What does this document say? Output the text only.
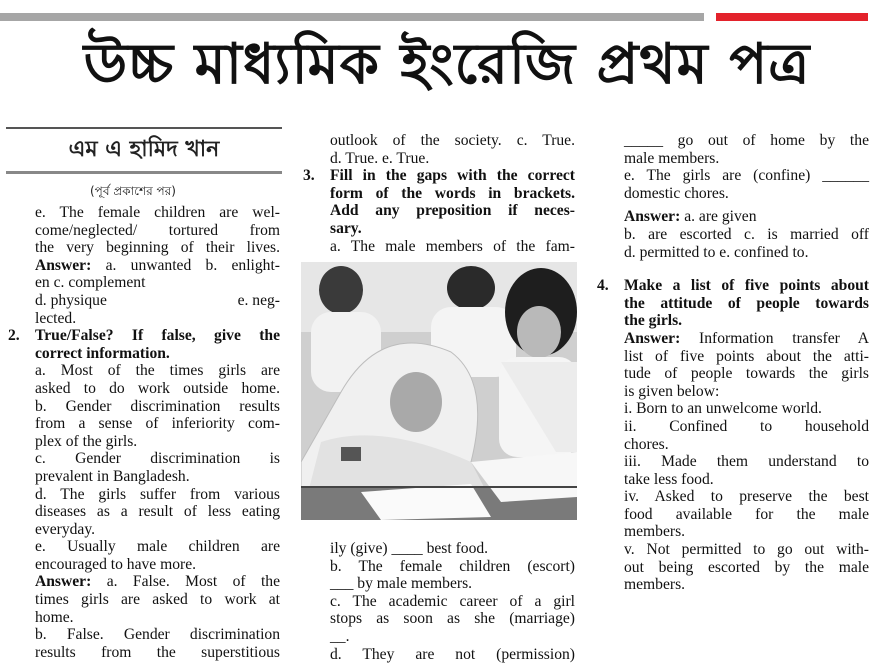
উচ্চ মাধ্যমিক ইংরেজি প্রথম পত্র
এম এ হামিদ খান
(পূর্ব প্রকাশের পর)

e. The female children are wel-

come/neglected/ tortured from

the very beginning of their lives.

Answer: a. unwanted b. enlight-

en c. complement

d. physique	e. neg-

lected.

2. True/False? If false, give the

correct information.

a. Most of the times girls are

asked to do work outside home.

b. Gender discrimination results

from a sense of inferiority com-

plex of the girls.

c. Gender discrimination is

prevalent in Bangladesh.

d. The girls suffer from various

diseases as a result of less eating

everyday.

e. Usually male children are

encouraged to have more.

Answer: a. False. Most of the

times girls are asked to work at

home.

b. False. Gender discrimination

results from the superstitious

outlook of the society. c. True.

d. True. e. True.

3. Fill in the gaps with the correct

form of the words in brackets.

Add any preposition if neces-

sary.

a. The male members of the fam-

ily (give) ____ best food.

b. The female children (escort)

___ by male members.

c. The academic career of a girl

stops as soon as she (marriage)

__.

d. They are not (permission)

_____ go out of home by the

male members.

e. The girls are (confine) ______

domestic chores.

Answer: a. are given

b. are escorted c. is married off

d. permitted to e. confined to.

4. Make a list of five points about

the attitude of people towards

the girls.

Answer: Information transfer A

list of five points about the atti-

tude of people towards the girls

is given below:

i. Born to an unwelcome world.

ii. Confined to household

chores.

iii. Made them understand to

take less food.

iv. Asked to preserve the best

food available for the male

members.

v. Not permitted to go out with-

out being escorted by the male

members.
